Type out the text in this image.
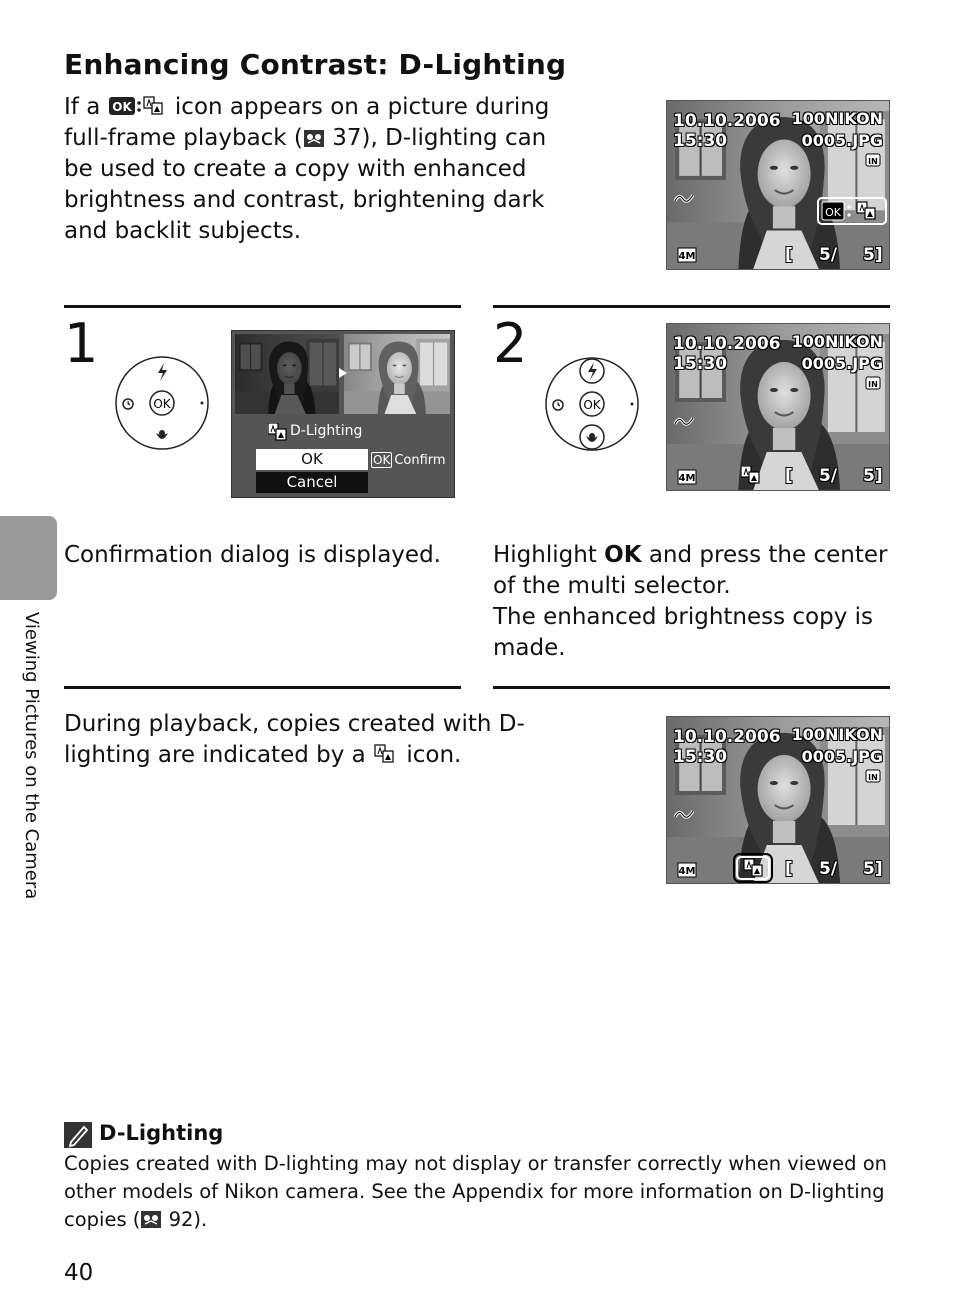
Enhancing Contrast: D-Lighting
If a OK icon appears on a picture during full-frame playback ( 37), D-lighting can be used to create a copy with enhanced brightness and contrast, brightening dark and backlit subjects.
10.10.2006
15:30
100NIKON
0005.JPG
IN
OK
4M	[ 5/ 5]
1	2
OK
D-Lighting
OK
Cancel
OK Confirm
OK
10.10.2006
15:30
100NIKON
0005.JPG
IN
4M	[ 5/ 5]
Confirmation dialog is displayed.	Highlight OK and press the center of the multi selector.
The enhanced brightness copy is made.
During playback, copies created with D-lighting are indicated by a  icon.
10.10.2006
15:30
100NIKON
0005.JPG
IN
4M	[ 5/ 5]
D-Lighting
Copies created with D-lighting may not display or transfer correctly when viewed on other models of Nikon camera. See the Appendix for more information on D-lighting copies ( 92).
Viewing Pictures on the Camera
40
